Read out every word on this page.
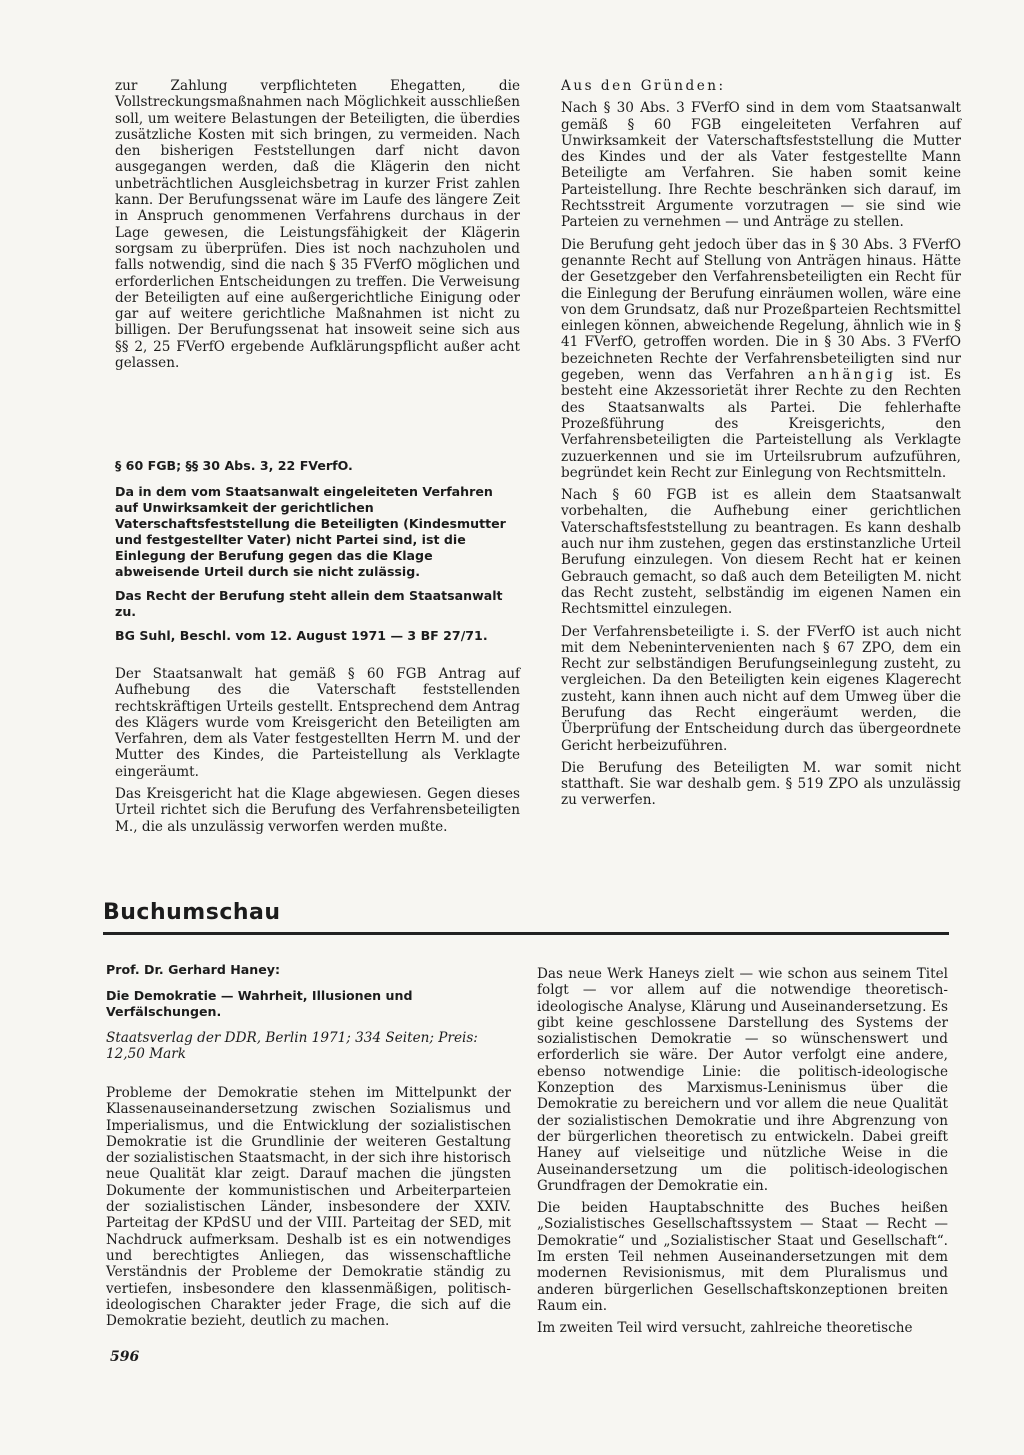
zur Zahlung verpflichteten Ehegatten, die Vollstreckungsmaßnahmen nach Möglichkeit ausschließen soll, um weitere Belastungen der Beteiligten, die überdies zusätzliche Kosten mit sich bringen, zu vermeiden. Nach den bisherigen Feststellungen darf nicht davon ausgegangen werden, daß die Klägerin den nicht unbeträchtlichen Ausgleichsbetrag in kurzer Frist zahlen kann. Der Berufungssenat wäre im Laufe des längere Zeit in Anspruch genommenen Verfahrens durchaus in der Lage gewesen, die Leistungsfähigkeit der Klägerin sorgsam zu überprüfen. Dies ist noch nachzuholen und falls notwendig, sind die nach § 35 FVerfO möglichen und erforderlichen Entscheidungen zu treffen. Die Verweisung der Beteiligten auf eine außergerichtliche Einigung oder gar auf weitere gerichtliche Maßnahmen ist nicht zu billigen. Der Berufungssenat hat insoweit seine sich aus §§ 2, 25 FVerfO ergebende Aufklärungspflicht außer acht gelassen.

§ 60 FGB; §§ 30 Abs. 3, 22 FVerfO.

Da in dem vom Staatsanwalt eingeleiteten Verfahren auf Unwirksamkeit der gerichtlichen Vaterschaftsfeststellung die Beteiligten (Kindesmutter und festgestellter Vater) nicht Partei sind, ist die Einlegung der Berufung gegen das die Klage abweisende Urteil durch sie nicht zulässig.

Das Recht der Berufung steht allein dem Staatsanwalt zu.

BG Suhl, Beschl. vom 12. August 1971 — 3 BF 27/71.

Der Staatsanwalt hat gemäß § 60 FGB Antrag auf Aufhebung des die Vaterschaft feststellenden rechtskräftigen Urteils gestellt. Entsprechend dem Antrag des Klägers wurde vom Kreisgericht den Beteiligten am Verfahren, dem als Vater festgestellten Herrn M. und der Mutter des Kindes, die Parteistellung als Verklagte eingeräumt.

Das Kreisgericht hat die Klage abgewiesen. Gegen dieses Urteil richtet sich die Berufung des Verfahrensbeteiligten M., die als unzulässig verworfen werden mußte.

Aus den Gründen:

Nach § 30 Abs. 3 FVerfO sind in dem vom Staatsanwalt gemäß § 60 FGB eingeleiteten Verfahren auf Unwirksamkeit der Vaterschaftsfeststellung die Mutter des Kindes und der als Vater festgestellte Mann Beteiligte am Verfahren. Sie haben somit keine Parteistellung. Ihre Rechte beschränken sich darauf, im Rechtsstreit Argumente vorzutragen — sie sind wie Parteien zu vernehmen — und Anträge zu stellen.

Die Berufung geht jedoch über das in § 30 Abs. 3 FVerfO genannte Recht auf Stellung von Anträgen hinaus. Hätte der Gesetzgeber den Verfahrensbeteiligten ein Recht für die Einlegung der Berufung einräumen wollen, wäre eine von dem Grundsatz, daß nur Prozeßparteien Rechtsmittel einlegen können, abweichende Regelung, ähnlich wie in § 41 FVerfO, getroffen worden. Die in § 30 Abs. 3 FVerfO bezeichneten Rechte der Verfahrensbeteiligten sind nur gegeben, wenn das Verfahren anhängig ist. Es besteht eine Akzessorietät ihrer Rechte zu den Rechten des Staatsanwalts als Partei. Die fehlerhafte Prozeßführung des Kreisgerichts, den Verfahrensbeteiligten die Parteistellung als Verklagte zuzuerkennen und sie im Urteilsrubrum aufzuführen, begründet kein Recht zur Einlegung von Rechtsmitteln.

Nach § 60 FGB ist es allein dem Staatsanwalt vorbehalten, die Aufhebung einer gerichtlichen Vaterschaftsfeststellung zu beantragen. Es kann deshalb auch nur ihm zustehen, gegen das erstinstanzliche Urteil Berufung einzulegen. Von diesem Recht hat er keinen Gebrauch gemacht, so daß auch dem Beteiligten M. nicht das Recht zusteht, selbständig im eigenen Namen ein Rechtsmittel einzulegen.

Der Verfahrensbeteiligte i. S. der FVerfO ist auch nicht mit dem Nebenintervenienten nach § 67 ZPO, dem ein Recht zur selbständigen Berufungseinlegung zusteht, zu vergleichen. Da den Beteiligten kein eigenes Klagerecht zusteht, kann ihnen auch nicht auf dem Umweg über die Berufung das Recht eingeräumt werden, die Überprüfung der Entscheidung durch das übergeordnete Gericht herbeizuführen.

Die Berufung des Beteiligten M. war somit nicht statthaft. Sie war deshalb gem. § 519 ZPO als unzulässig zu verwerfen.

Buchumschau

Prof. Dr. Gerhard Haney:

Die Demokratie — Wahrheit, Illusionen und Verfälschungen.

Staatsverlag der DDR, Berlin 1971; 334 Seiten; Preis: 12,50 Mark

Probleme der Demokratie stehen im Mittelpunkt der Klassenauseinandersetzung zwischen Sozialismus und Imperialismus, und die Entwicklung der sozialistischen Demokratie ist die Grundlinie der weiteren Gestaltung der sozialistischen Staatsmacht, in der sich ihre historisch neue Qualität klar zeigt. Darauf machen die jüngsten Dokumente der kommunistischen und Arbeiterparteien der sozialistischen Länder, insbesondere der XXIV. Parteitag der KPdSU und der VIII. Parteitag der SED, mit Nachdruck aufmerksam. Deshalb ist es ein notwendiges und berechtigtes Anliegen, das wissenschaftliche Verständnis der Probleme der Demokratie ständig zu vertiefen, insbesondere den klassenmäßigen, politisch-ideologischen Charakter jeder Frage, die sich auf die Demokratie bezieht, deutlich zu machen.

Das neue Werk Haneys zielt — wie schon aus seinem Titel folgt — vor allem auf die notwendige theoretisch-ideologische Analyse, Klärung und Auseinandersetzung. Es gibt keine geschlossene Darstellung des Systems der sozialistischen Demokratie — so wünschenswert und erforderlich sie wäre. Der Autor verfolgt eine andere, ebenso notwendige Linie: die politisch-ideologische Konzeption des Marxismus-Leninismus über die Demokratie zu bereichern und vor allem die neue Qualität der sozialistischen Demokratie und ihre Abgrenzung von der bürgerlichen theoretisch zu entwickeln. Dabei greift Haney auf vielseitige und nützliche Weise in die Auseinandersetzung um die politisch-ideologischen Grundfragen der Demokratie ein.

Die beiden Hauptabschnitte des Buches heißen „Sozialistisches Gesellschaftssystem — Staat — Recht — Demokratie“ und „Sozialistischer Staat und Gesellschaft“. Im ersten Teil nehmen Auseinandersetzungen mit dem modernen Revisionismus, mit dem Pluralismus und anderen bürgerlichen Gesellschaftskonzeptionen breiten Raum ein.

Im zweiten Teil wird versucht, zahlreiche theoretische

596
